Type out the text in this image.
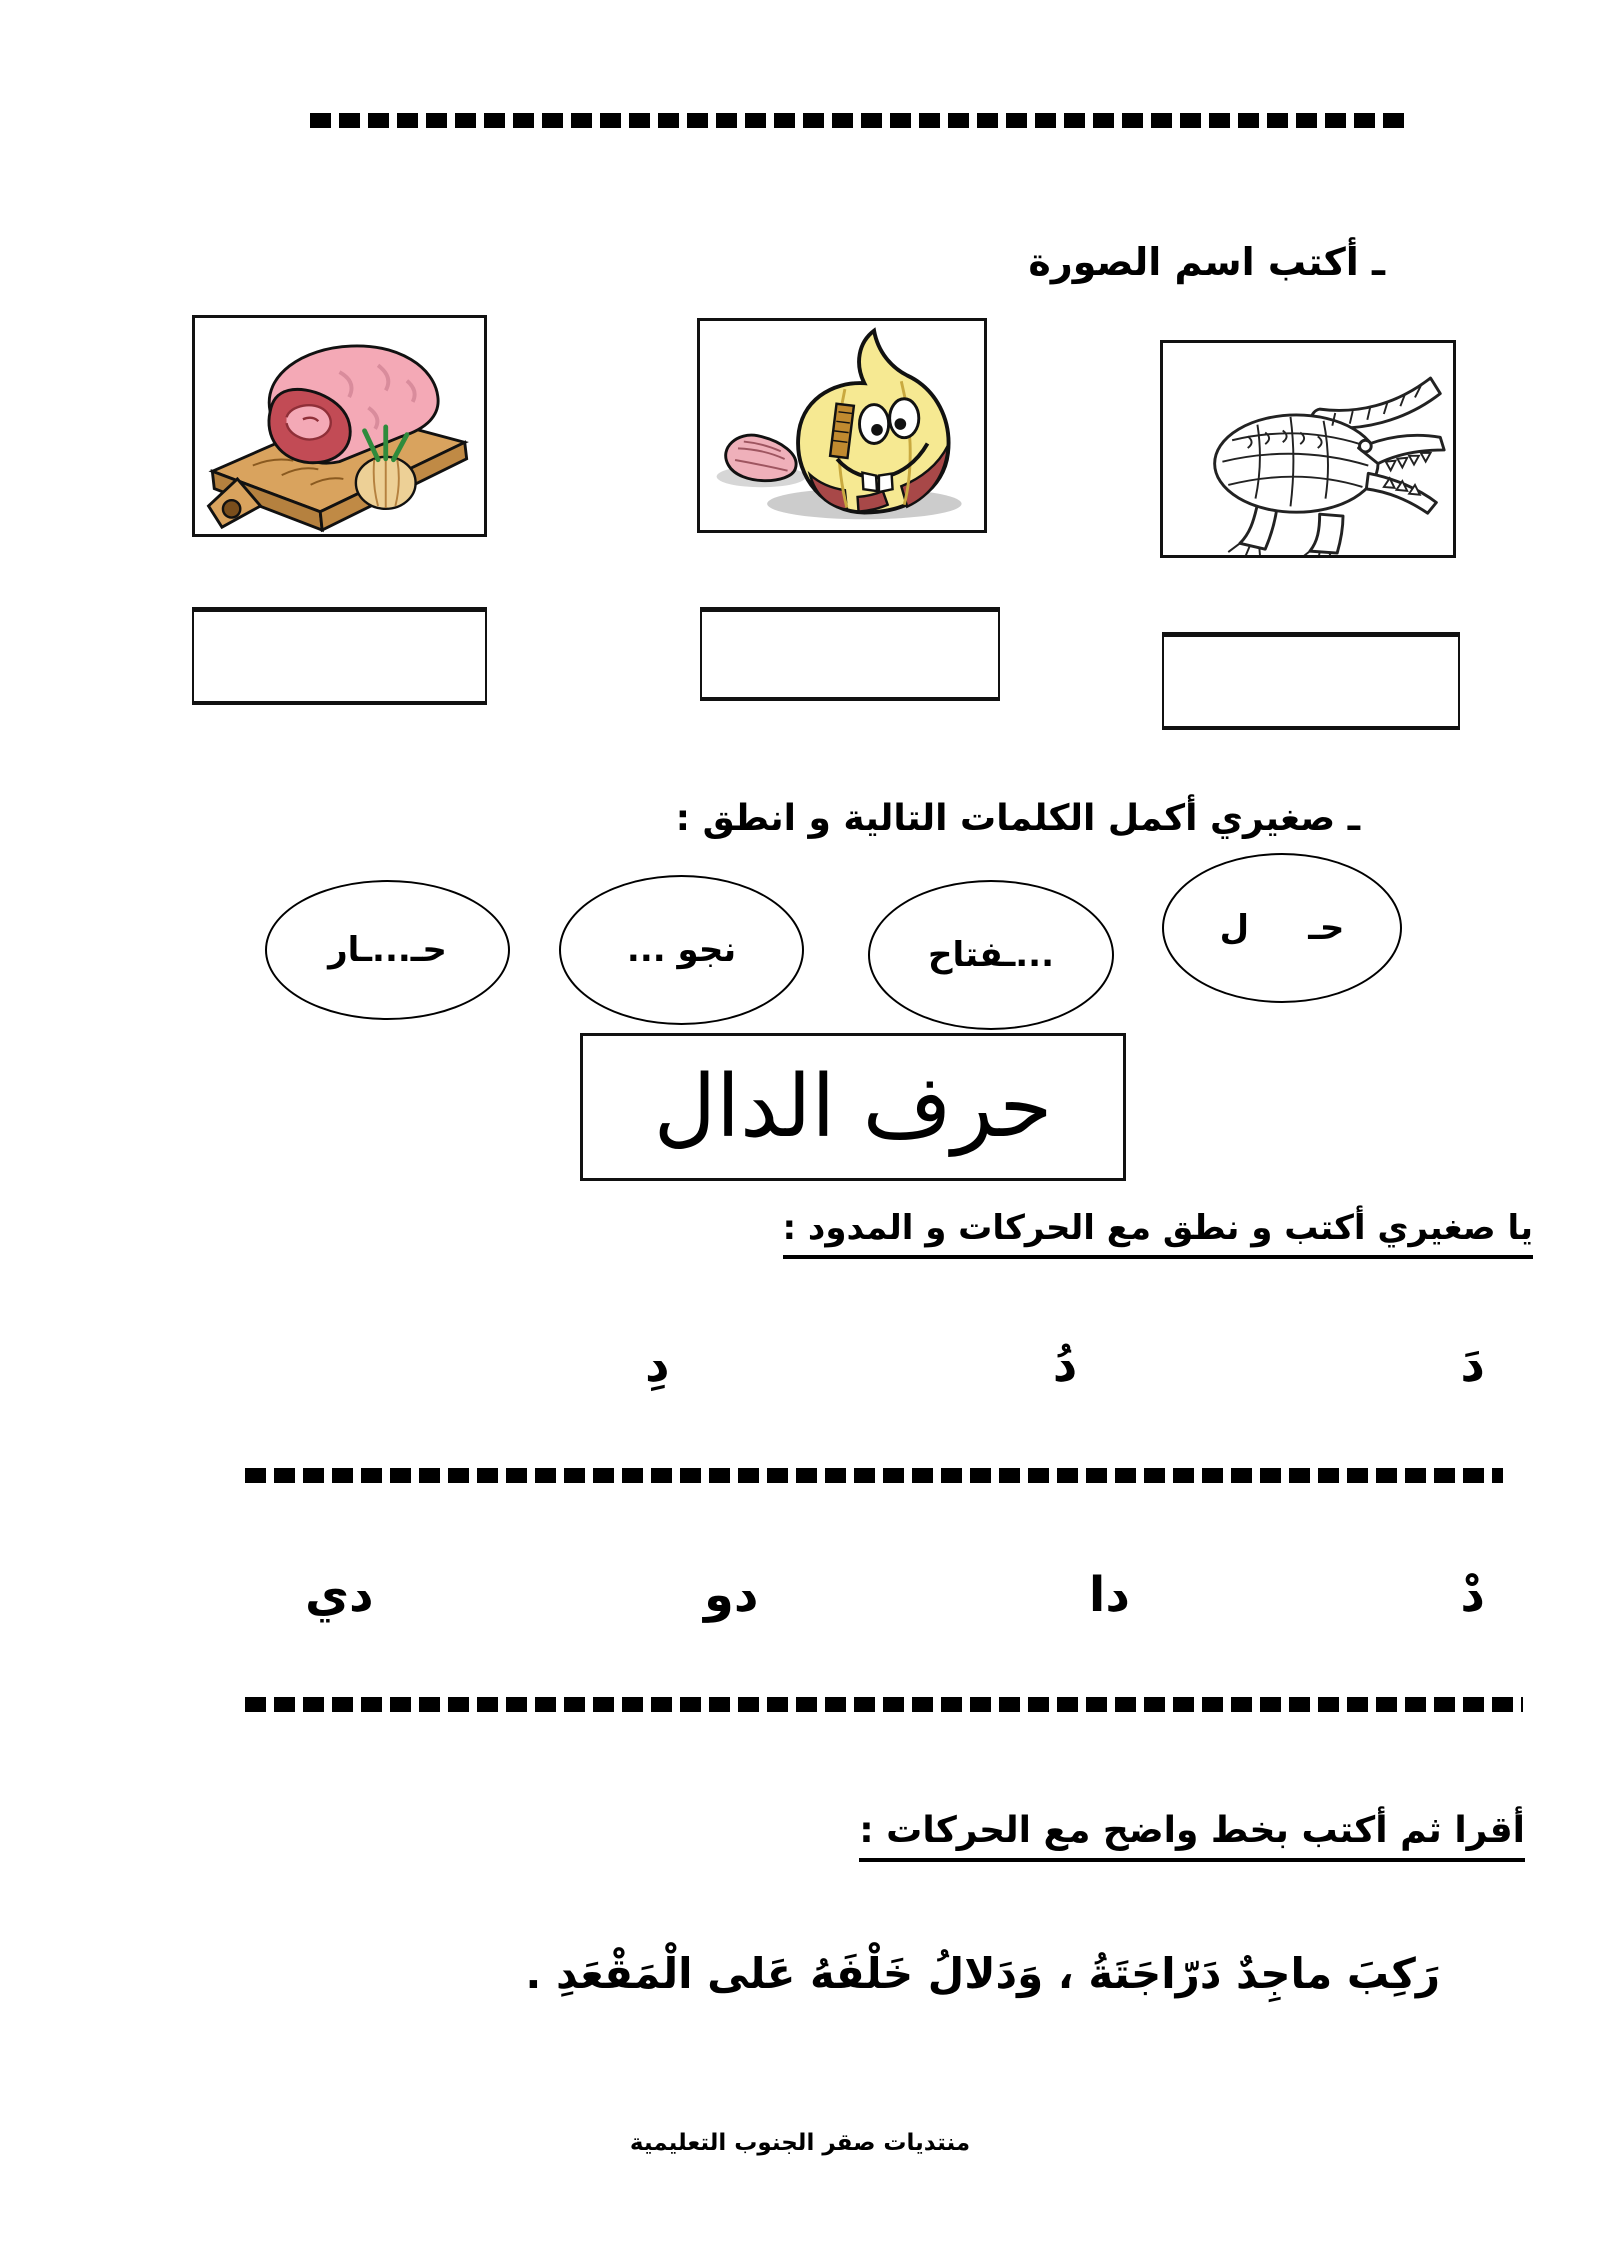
ـ أكتب اسم الصورة
ـ صغيري أكمل الكلمات التالية و انطق :
حـ     ل
...ـفتاح
نجو ...
حـ...ـار
حرف الدال
يا صغيري أكتب و نطق مع الحركات و المدود :
دَ
دُ
دِ
دْ
دا
دو
دي
أقرا ثم أكتب بخط واضح مع الحركات :
رَكِبَ ماجِدٌ دَرّاجَتَةُ ، وَدَلالُ خَلْفَهُ عَلى الْمَقْعَدِ .
منتديات صقر الجنوب التعليمية
